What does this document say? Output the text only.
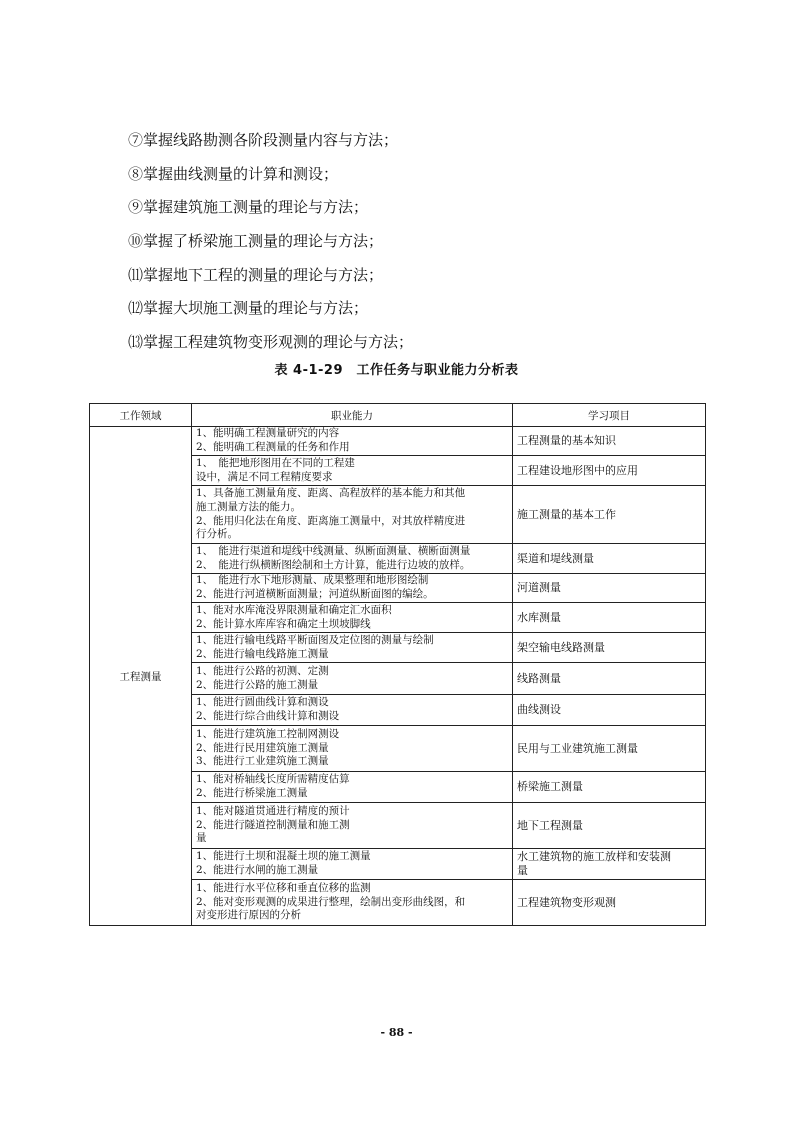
⑦掌握线路勘测各阶段测量内容与方法；
⑧掌握曲线测量的计算和测设；
⑨掌握建筑施工测量的理论与方法；
⑩掌握了桥梁施工测量的理论与方法；
⑾掌握地下工程的测量的理论与方法；
⑿掌握大坝施工测量的理论与方法；
⒀掌握工程建筑物变形观测的理论与方法；
表 4-1-29　工作任务与职业能力分析表
工作领域	职业能力	学习项目
工程测量	1、能明确工程测量研究的内容
2、能明确工程测量的任务和作用	工程测量的基本知识

	1、　能把地形图用在不同的工程建
设中，满足不同工程精度要求	工程建设地形图中的应用

	1、具备施工测量角度、距离、高程放样的基本能力和其他
施工测量方法的能力。
2、能用归化法在角度、距离施工测量中，对其放样精度进
行分析。	施工测量的基本工作

	1、　能进行渠道和堤线中线测量、纵断面测量、横断面测量
2、　能进行纵横断图绘制和土方计算，能进行边坡的放样。	渠道和堤线测量

	1、　能进行水下地形测量、成果整理和地形图绘制
2、能进行河道横断面测量；河道纵断面图的编绘。	河道测量

	1、能对水库淹没界限测量和确定汇水面积
2、能计算水库库容和确定土坝坡脚线	水库测量

	1、能进行输电线路平断面图及定位图的测量与绘制
2、能进行输电线路施工测量	架空输电线路测量

	1、能进行公路的初测、定测
2、能进行公路的施工测量	线路测量

	1、能进行圆曲线计算和测设
2、能进行综合曲线计算和测设	曲线测设

	1、能进行建筑施工控制网测设
2、能进行民用建筑施工测量
3、能进行工业建筑施工测量	民用与工业建筑施工测量

	1、能对桥轴线长度所需精度估算
2、能进行桥梁施工测量	桥梁施工测量

	1、能对隧道贯通进行精度的预计
2、能进行隧道控制测量和施工测
量	地下工程测量

	1、能进行土坝和混凝土坝的施工测量
2、能进行水闸的施工测量	水工建筑物的施工放样和安装测
量

	1、能进行水平位移和垂直位移的监测
2、能对变形观测的成果进行整理，绘制出变形曲线图，和
对变形进行原因的分析	工程建筑物变形观测
- 88 -
